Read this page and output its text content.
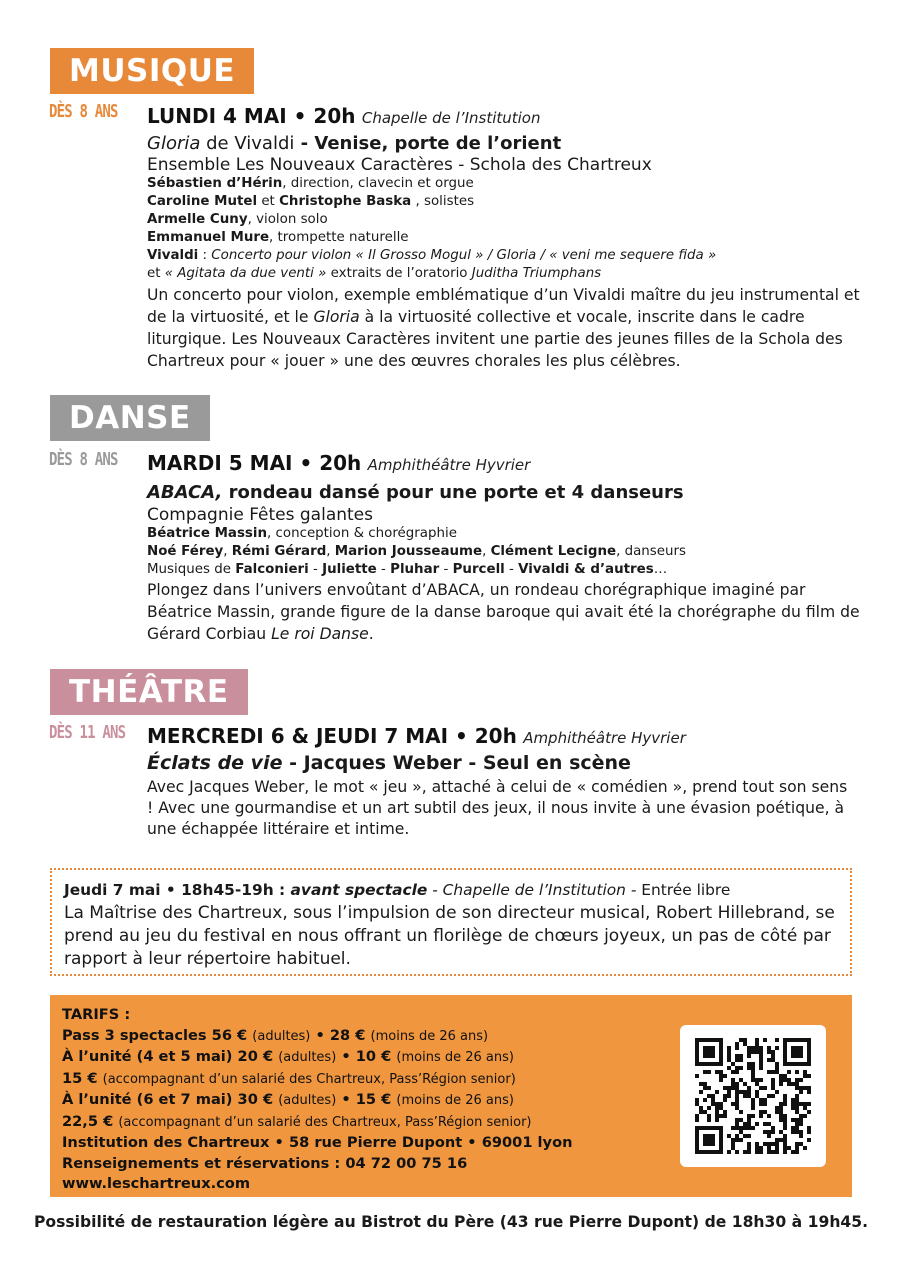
MUSIQUE
DÈS 8 ANS	LUNDI 4 MAI • 20h Chapelle de l’Institution
Gloria de Vivaldi - Venise, porte de l’orient
Ensemble Les Nouveaux Caractères - Schola des Chartreux
Sébastien d’Hérin, direction, clavecin et orgue
Caroline Mutel et Christophe Baska , solistes
Armelle Cuny, violon solo
Emmanuel Mure, trompette naturelle
Vivaldi : Concerto pour violon « Il Grosso Mogul » / Gloria / « veni me sequere fida »
et « Agitata da due venti » extraits de l’oratorio Juditha Triumphans
Un concerto pour violon, exemple emblématique d’un Vivaldi maître du jeu instrumental et de la virtuosité, et le Gloria à la virtuosité collective et vocale, inscrite dans le cadre liturgique. Les Nouveaux Caractères invitent une partie des jeunes filles de la Schola des Chartreux pour « jouer » une des œuvres chorales les plus célèbres.
DANSE
DÈS 8 ANS	MARDI 5 MAI • 20h Amphithéâtre Hyvrier
ABACA, rondeau dansé pour une porte et 4 danseurs
Compagnie Fêtes galantes
Béatrice Massin, conception & chorégraphie
Noé Férey, Rémi Gérard, Marion Jousseaume, Clément Lecigne, danseurs
Musiques de Falconieri - Juliette - Pluhar - Purcell - Vivaldi & d’autres…
Plongez dans l’univers envoûtant d’ABACA, un rondeau chorégraphique imaginé par Béatrice Massin, grande figure de la danse baroque qui avait été la chorégraphe du film de Gérard Corbiau Le roi Danse.
THÉÂTRE
DÈS 11 ANS	MERCREDI 6 & JEUDI 7 MAI • 20h Amphithéâtre Hyvrier
Éclats de vie - Jacques Weber - Seul en scène
Avec Jacques Weber, le mot « jeu », attaché à celui de « comédien », prend tout son sens ! Avec une gourmandise et un art subtil des jeux, il nous invite à une évasion poétique, à une échappée littéraire et intime.
Jeudi 7 mai • 18h45-19h : avant spectacle - Chapelle de l’Institution - Entrée libre
La Maîtrise des Chartreux, sous l’impulsion de son directeur musical, Robert Hillebrand, se prend au jeu du festival en nous offrant un florilège de chœurs joyeux, un pas de côté par rapport à leur répertoire habituel.
TARIFS :
Pass 3 spectacles 56 € (adultes) • 28 € (moins de 26 ans)
À l’unité (4 et 5 mai) 20 € (adultes) • 10 € (moins de 26 ans)
15 € (accompagnant d’un salarié des Chartreux, Pass’Région senior)
À l’unité (6 et 7 mai) 30 € (adultes) • 15 € (moins de 26 ans)
22,5 € (accompagnant d’un salarié des Chartreux, Pass’Région senior)
Institution des Chartreux • 58 rue Pierre Dupont • 69001 lyon
Renseignements et réservations : 04 72 00 75 16
www.leschartreux.com
Possibilité de restauration légère au Bistrot du Père (43 rue Pierre Dupont) de 18h30 à 19h45.
